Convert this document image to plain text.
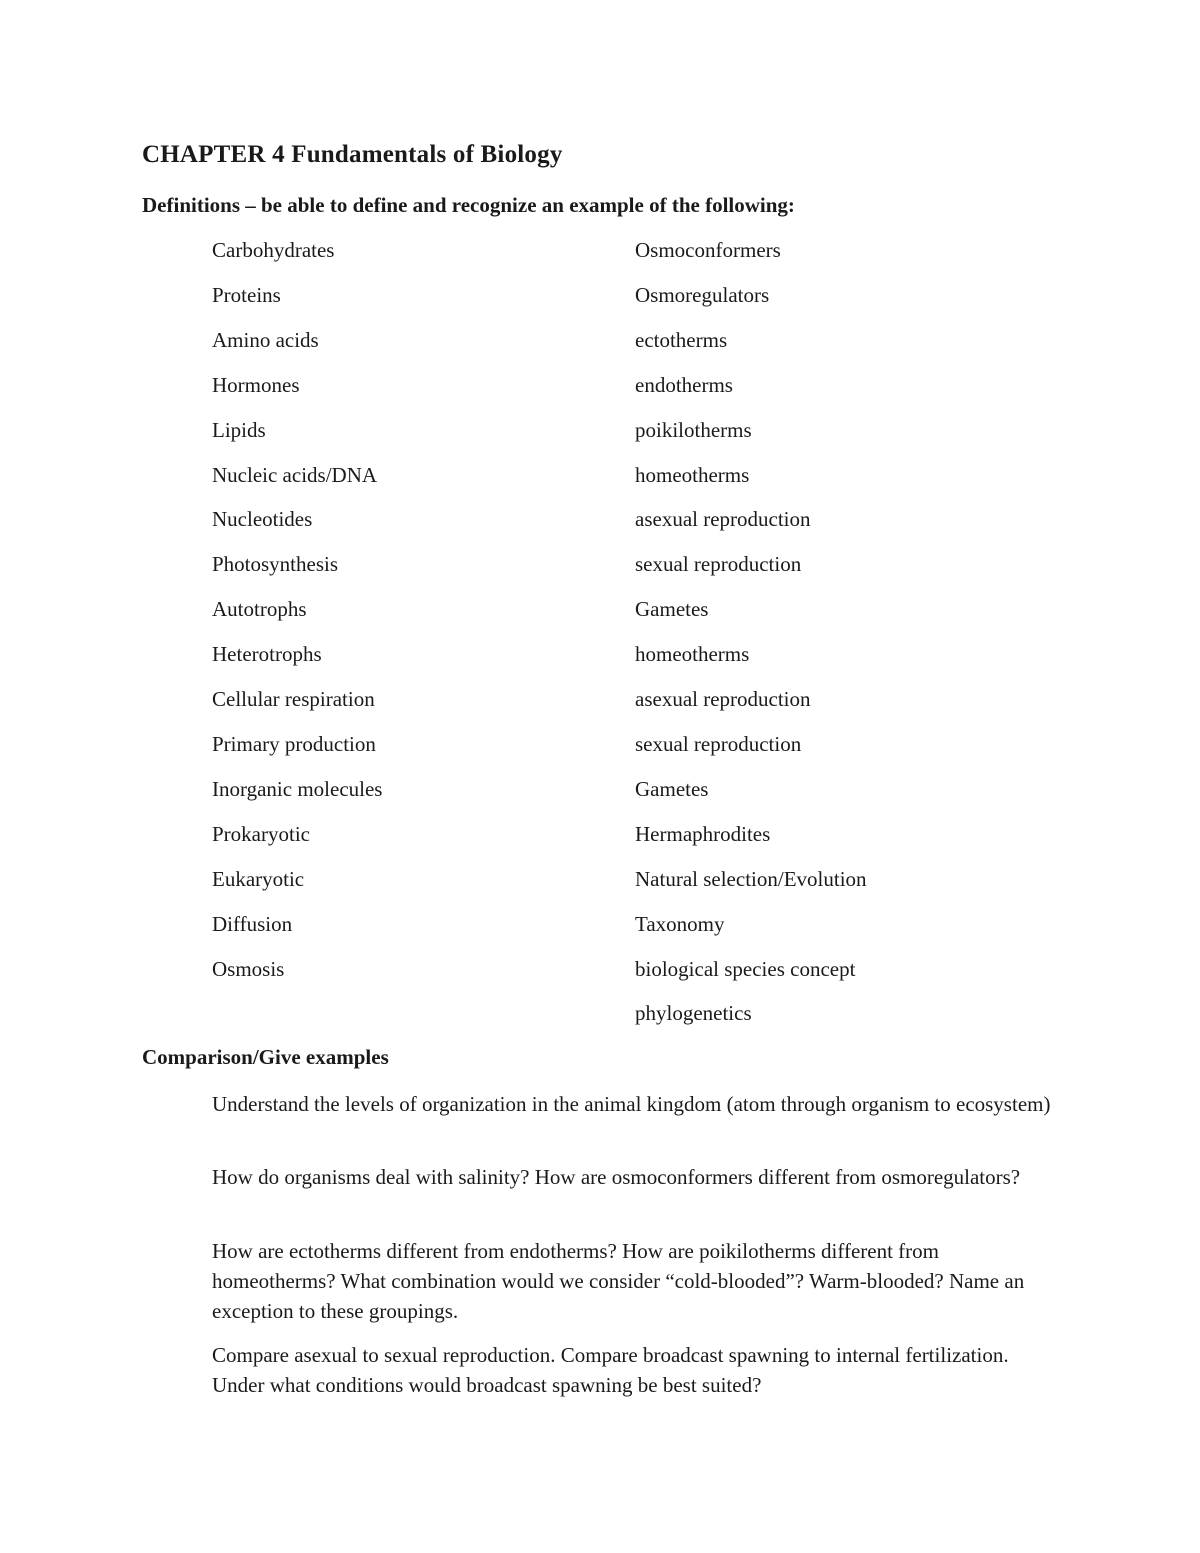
CHAPTER 4 Fundamentals of Biology
Definitions – be able to define and recognize an example of the following:
Carbohydrates
Proteins
Amino acids
Hormones
Lipids
Nucleic acids/DNA
Nucleotides
Photosynthesis
Autotrophs
Heterotrophs
Cellular respiration
Primary production
Inorganic molecules
Prokaryotic
Eukaryotic
Diffusion
Osmosis
Osmoconformers
Osmoregulators
ectotherms
endotherms
poikilotherms
homeotherms
asexual reproduction
sexual reproduction
Gametes
homeotherms
asexual reproduction
sexual reproduction
Gametes
Hermaphrodites
Natural selection/Evolution
Taxonomy
biological species concept
phylogenetics
Comparison/Give examples
Understand the levels of organization in the animal kingdom (atom through organism to ecosystem)
How do organisms deal with salinity? How are osmoconformers different from osmoregulators?
How are ectotherms different from endotherms? How are poikilotherms different from homeotherms? What combination would we consider “cold-blooded”? Warm-blooded? Name an exception to these groupings.
Compare asexual to sexual reproduction. Compare broadcast spawning to internal fertilization. Under what conditions would broadcast spawning be best suited?
